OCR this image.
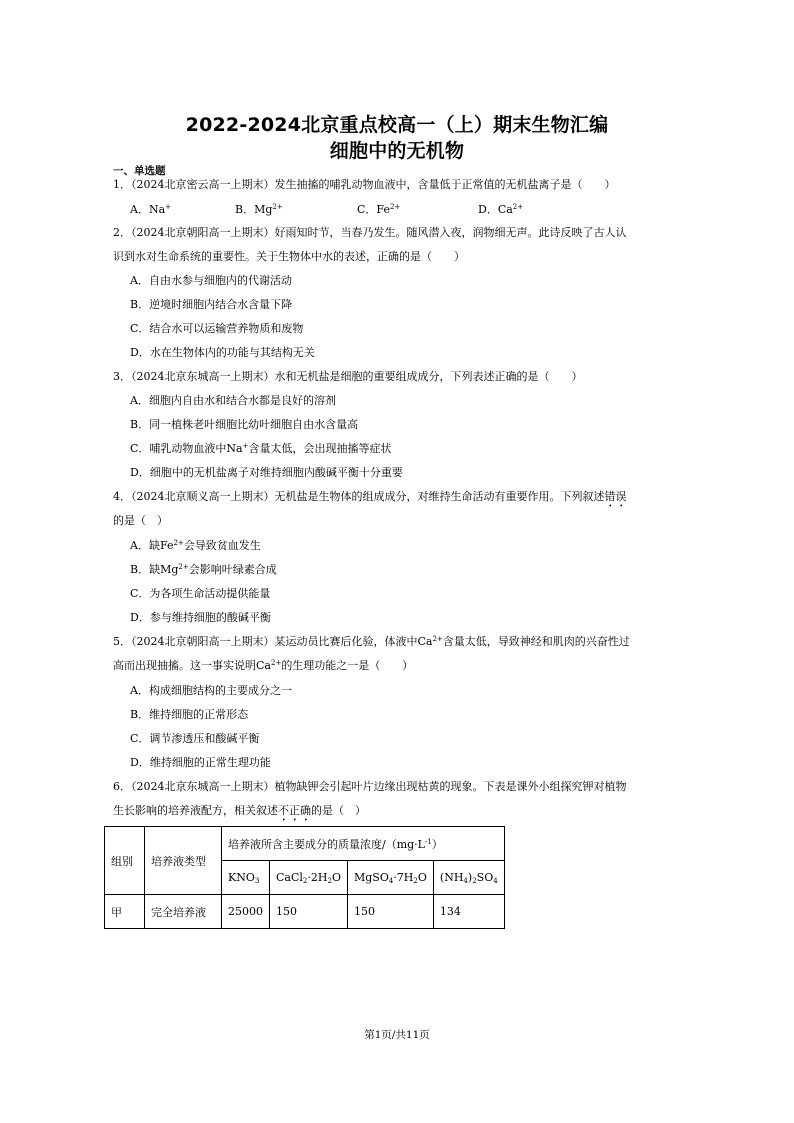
2022-2024北京重点校高一（上）期末生物汇编
细胞中的无机物
一、单选题
1．（2024北京密云高一上期末）发生抽搐的哺乳动物血液中，含量低于正常值的无机盐离子是（　　）
A．Na+	B．$Mg^{2+}$	C．$Fe^{2+}$	D．$Ca^{2+}$
2．（2024北京朝阳高一上期末）好雨知时节，当春乃发生。随风潜入夜，润物细无声。此诗反映了古人认
识到水对生命系统的重要性。关于生物体中水的表述，正确的是（　　）
A．自由水参与细胞内的代谢活动
B．逆境时细胞内结合水含量下降
C．结合水可以运输营养物质和废物
D．水在生物体内的功能与其结构无关
3．（2024北京东城高一上期末）水和无机盐是细胞的重要组成成分，下列表述正确的是（　　）
A．细胞内自由水和结合水都是良好的溶剂
B．同一植株老叶细胞比幼叶细胞自由水含量高
C．哺乳动物血液中Na+含量太低，会出现抽搐等症状
D．细胞中的无机盐离子对维持细胞内酸碱平衡十分重要
4．（2024北京顺义高一上期末）无机盐是生物体的组成成分，对维持生命活动有重要作用。下列叙述错误
的是（　）
A．缺$Fe^{2+}$会导致贫血发生
B．缺$Mg^{2+}$会影响叶绿素合成
C．为各项生命活动提供能量
D．参与维持细胞的酸碱平衡
5．（2024北京朝阳高一上期末）某运动员比赛后化验，体液中$Ca^{2+}$含量太低，导致神经和肌肉的兴奋性过
高而出现抽搐。这一事实说明$Ca^{2+}$的生理功能之一是（　　）
A．构成细胞结构的主要成分之一
B．维持细胞的正常形态
C．调节渗透压和酸碱平衡
D．维持细胞的正常生理功能
6．（2024北京东城高一上期末）植物缺钾会引起叶片边缘出现枯黄的现象。下表是课外小组探究钾对植物
生长影响的培养液配方，相关叙述不正确的是（　）
组别	培养液类型	培养液所含主要成分的质量浓度$/(mg\cdot L^{-1})$			
		$KNO_3$	$CaCl_2\cdot 2H_2O$	$MgSO_4\cdot 7H_2O$	$(NH_4)_2SO_4$
甲	完全培养液	25000	150	150	134
第1页/共11页
